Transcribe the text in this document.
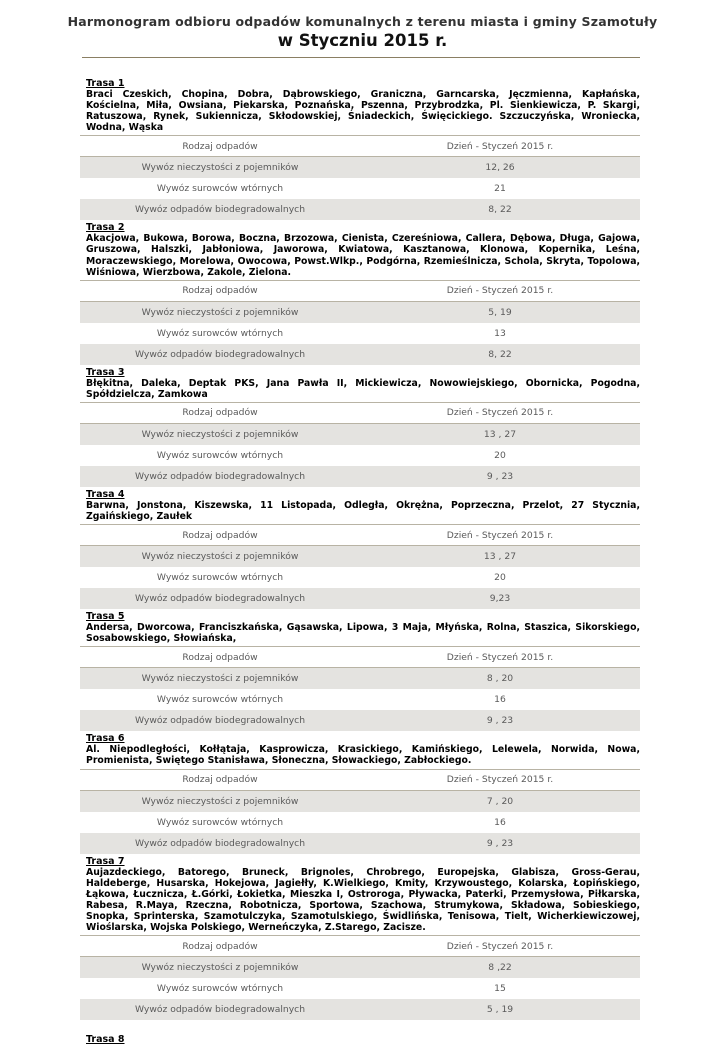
Harmonogram odbioru odpadów komunalnych z terenu miasta i gminy Szamotuły
w Styczniu 2015 r.
Trasa 1
Braci Czeskich, Chopina, Dobra, Dąbrowskiego, Graniczna, Garncarska, Jęczmienna, Kapłańska, Kościelna, Miła, Owsiana, Piekarska, Poznańska, Pszenna, Przybrodzka, Pl. Sienkiewicza, P. Skargi, Ratuszowa, Rynek, Sukiennicza, Skłodowskiej, Śniadeckich, Święcickiego. Szczuczyńska, Wroniecka, Wodna, Wąska
Rodzaj odpadów	Dzień - Styczeń 2015 r.
Wywóz nieczystości z pojemników	12, 26
Wywóz surowców wtórnych	21
Wywóz odpadów biodegradowalnych	8, 22
Trasa 2
Akacjowa, Bukowa, Borowa, Boczna, Brzozowa, Cienista, Czereśniowa, Callera, Dębowa, Długa, Gajowa, Gruszowa, Halszki, Jabłoniowa, Jaworowa, Kwiatowa, Kasztanowa, Klonowa, Kopernika, Leśna, Moraczewskiego, Morelowa, Owocowa, Powst.Wlkp., Podgórna, Rzemieślnicza, Schola, Skryta, Topolowa, Wiśniowa, Wierzbowa, Zakole, Zielona.
Rodzaj odpadów	Dzień - Styczeń 2015 r.
Wywóz nieczystości z pojemników	5, 19
Wywóz surowców wtórnych	13
Wywóz odpadów biodegradowalnych	8, 22
Trasa 3
Błękitna, Daleka, Deptak PKS, Jana Pawła II, Mickiewicza, Nowowiejskiego, Obornicka, Pogodna, Spółdzielcza, Zamkowa
Rodzaj odpadów	Dzień - Styczeń 2015 r.
Wywóz nieczystości z pojemników	13 , 27
Wywóz surowców wtórnych	20
Wywóz odpadów biodegradowalnych	9 , 23
Trasa 4
Barwna, Jonstona, Kiszewska, 11 Listopada, Odległa, Okrężna, Poprzeczna, Przelot, 27 Stycznia, Zgaińskiego, Zaułek
Rodzaj odpadów	Dzień - Styczeń 2015 r.
Wywóz nieczystości z pojemników	13 , 27
Wywóz surowców wtórnych	20
Wywóz odpadów biodegradowalnych	9,23
Trasa 5
Andersa, Dworcowa, Franciszkańska, Gąsawska, Lipowa, 3 Maja, Młyńska, Rolna, Staszica, Sikorskiego, Sosabowskiego, Słowiańska,
Rodzaj odpadów	Dzień - Styczeń 2015 r.
Wywóz nieczystości z pojemników	8 , 20
Wywóz surowców wtórnych	16
Wywóz odpadów biodegradowalnych	9 , 23
Trasa 6
Al. Niepodległości, Kołłątaja, Kasprowicza, Krasickiego, Kamińskiego, Lelewela, Norwida, Nowa, Promienista, Świętego Stanisława, Słoneczna, Słowackiego, Zabłockiego.
Rodzaj odpadów	Dzień - Styczeń 2015 r.
Wywóz nieczystości z pojemników	7 , 20
Wywóz surowców wtórnych	16
Wywóz odpadów biodegradowalnych	9 , 23
Trasa 7
Aujazdeckiego, Batorego, Bruneck, Brignoles, Chrobrego, Europejska, Glabisza, Gross-Gerau, Haldeberge, Husarska, Hokejowa, Jagiełły, K.Wielkiego, Kmity, Krzywoustego, Kolarska, Łopińskiego, Łąkowa, Łuczniczа, Ł.Górki, Łokietka, Mieszka I, Ostroroga, Pływacka, Paterki, Przemysłowa, Piłkarska, Rabesa, R.Maya, Rzeczna, Robotnicza, Sportowa, Szachowa, Strumykowa, Składowa, Sobieskiego, Snopka, Sprinterska, Szamotulczyka, Szamotulskiego, Świdlińska, Tenisowa, Tielt, Wicherkiewiczowej, Wioślarska, Wojska Polskiego, Werneńczyka, Z.Starego, Zacisze.
Rodzaj odpadów	Dzień - Styczeń 2015 r.
Wywóz nieczystości z pojemników	8 ,22
Wywóz surowców wtórnych	15
Wywóz odpadów biodegradowalnych	5 , 19
Trasa 8
